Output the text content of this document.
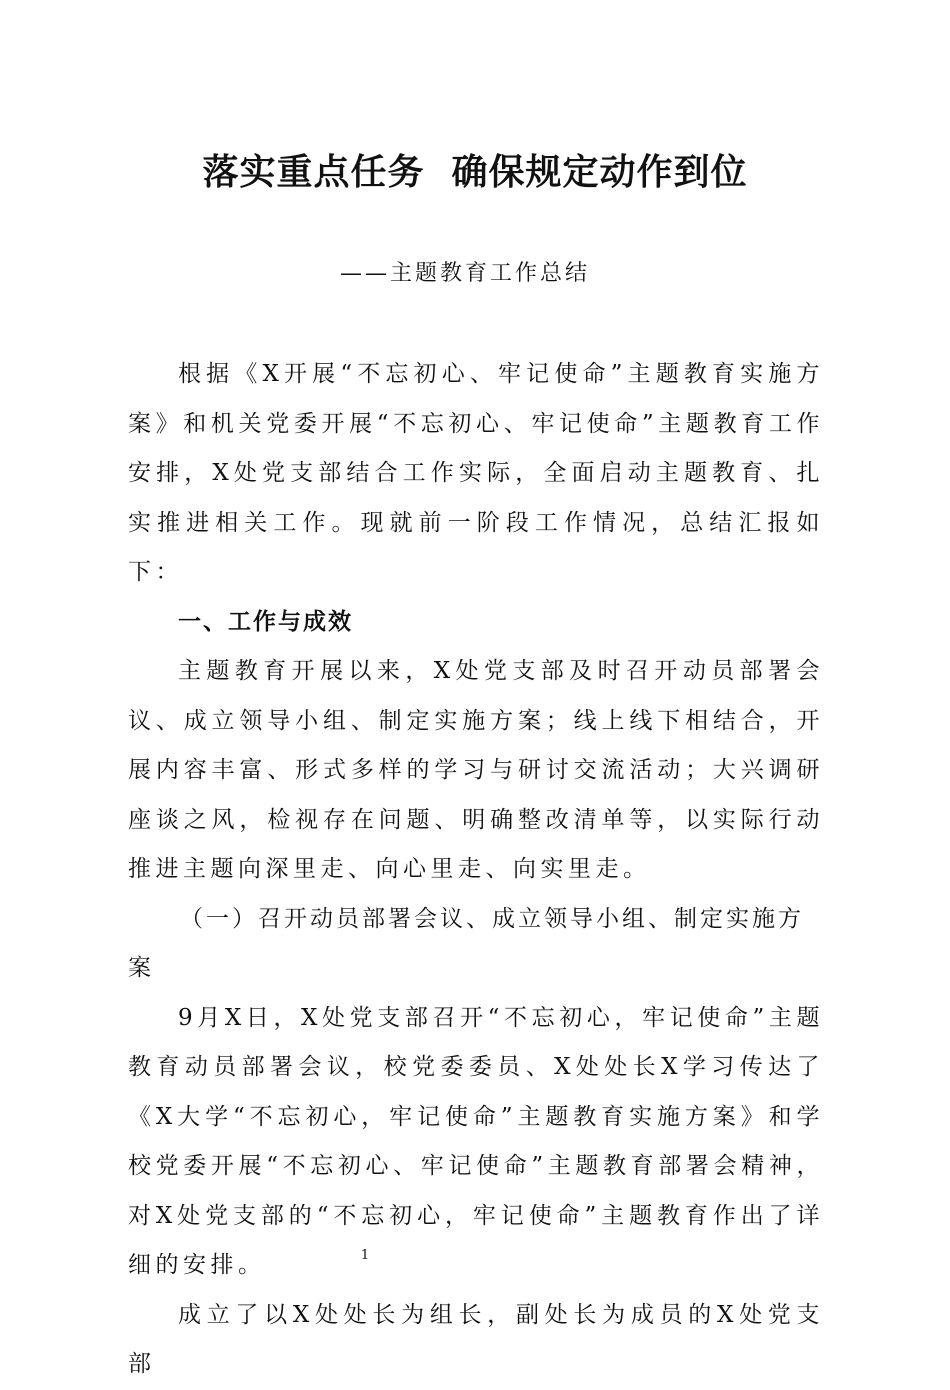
落实重点任务  确保规定动作到位
——主题教育工作总结

根据《X开展“不忘初心、牢记使命”主题教育实施方案》和机关党委开展“不忘初心、牢记使命”主题教育工作安排，X处党支部结合工作实际，全面启动主题教育、扎实推进相关工作。现就前一阶段工作情况，总结汇报如下：

一、工作与成效

主题教育开展以来，X处党支部及时召开动员部署会议、成立领导小组、制定实施方案；线上线下相结合，开展内容丰富、形式多样的学习与研讨交流活动；大兴调研座谈之风，检视存在问题、明确整改清单等，以实际行动推进主题向深里走、向心里走、向实里走。

（一）召开动员部署会议、成立领导小组、制定实施方案

9月X日，X处党支部召开“不忘初心，牢记使命”主题教育动员部署会议，校党委委员、X处处长X学习传达了《X大学“不忘初心，牢记使命”主题教育实施方案》和学校党委开展“不忘初心、牢记使命”主题教育部署会精神，对X处党支部的“不忘初心，牢记使命”主题教育作出了详细的安排。

成立了以X处处长为组长，副处长为成员的X处党支部

1
